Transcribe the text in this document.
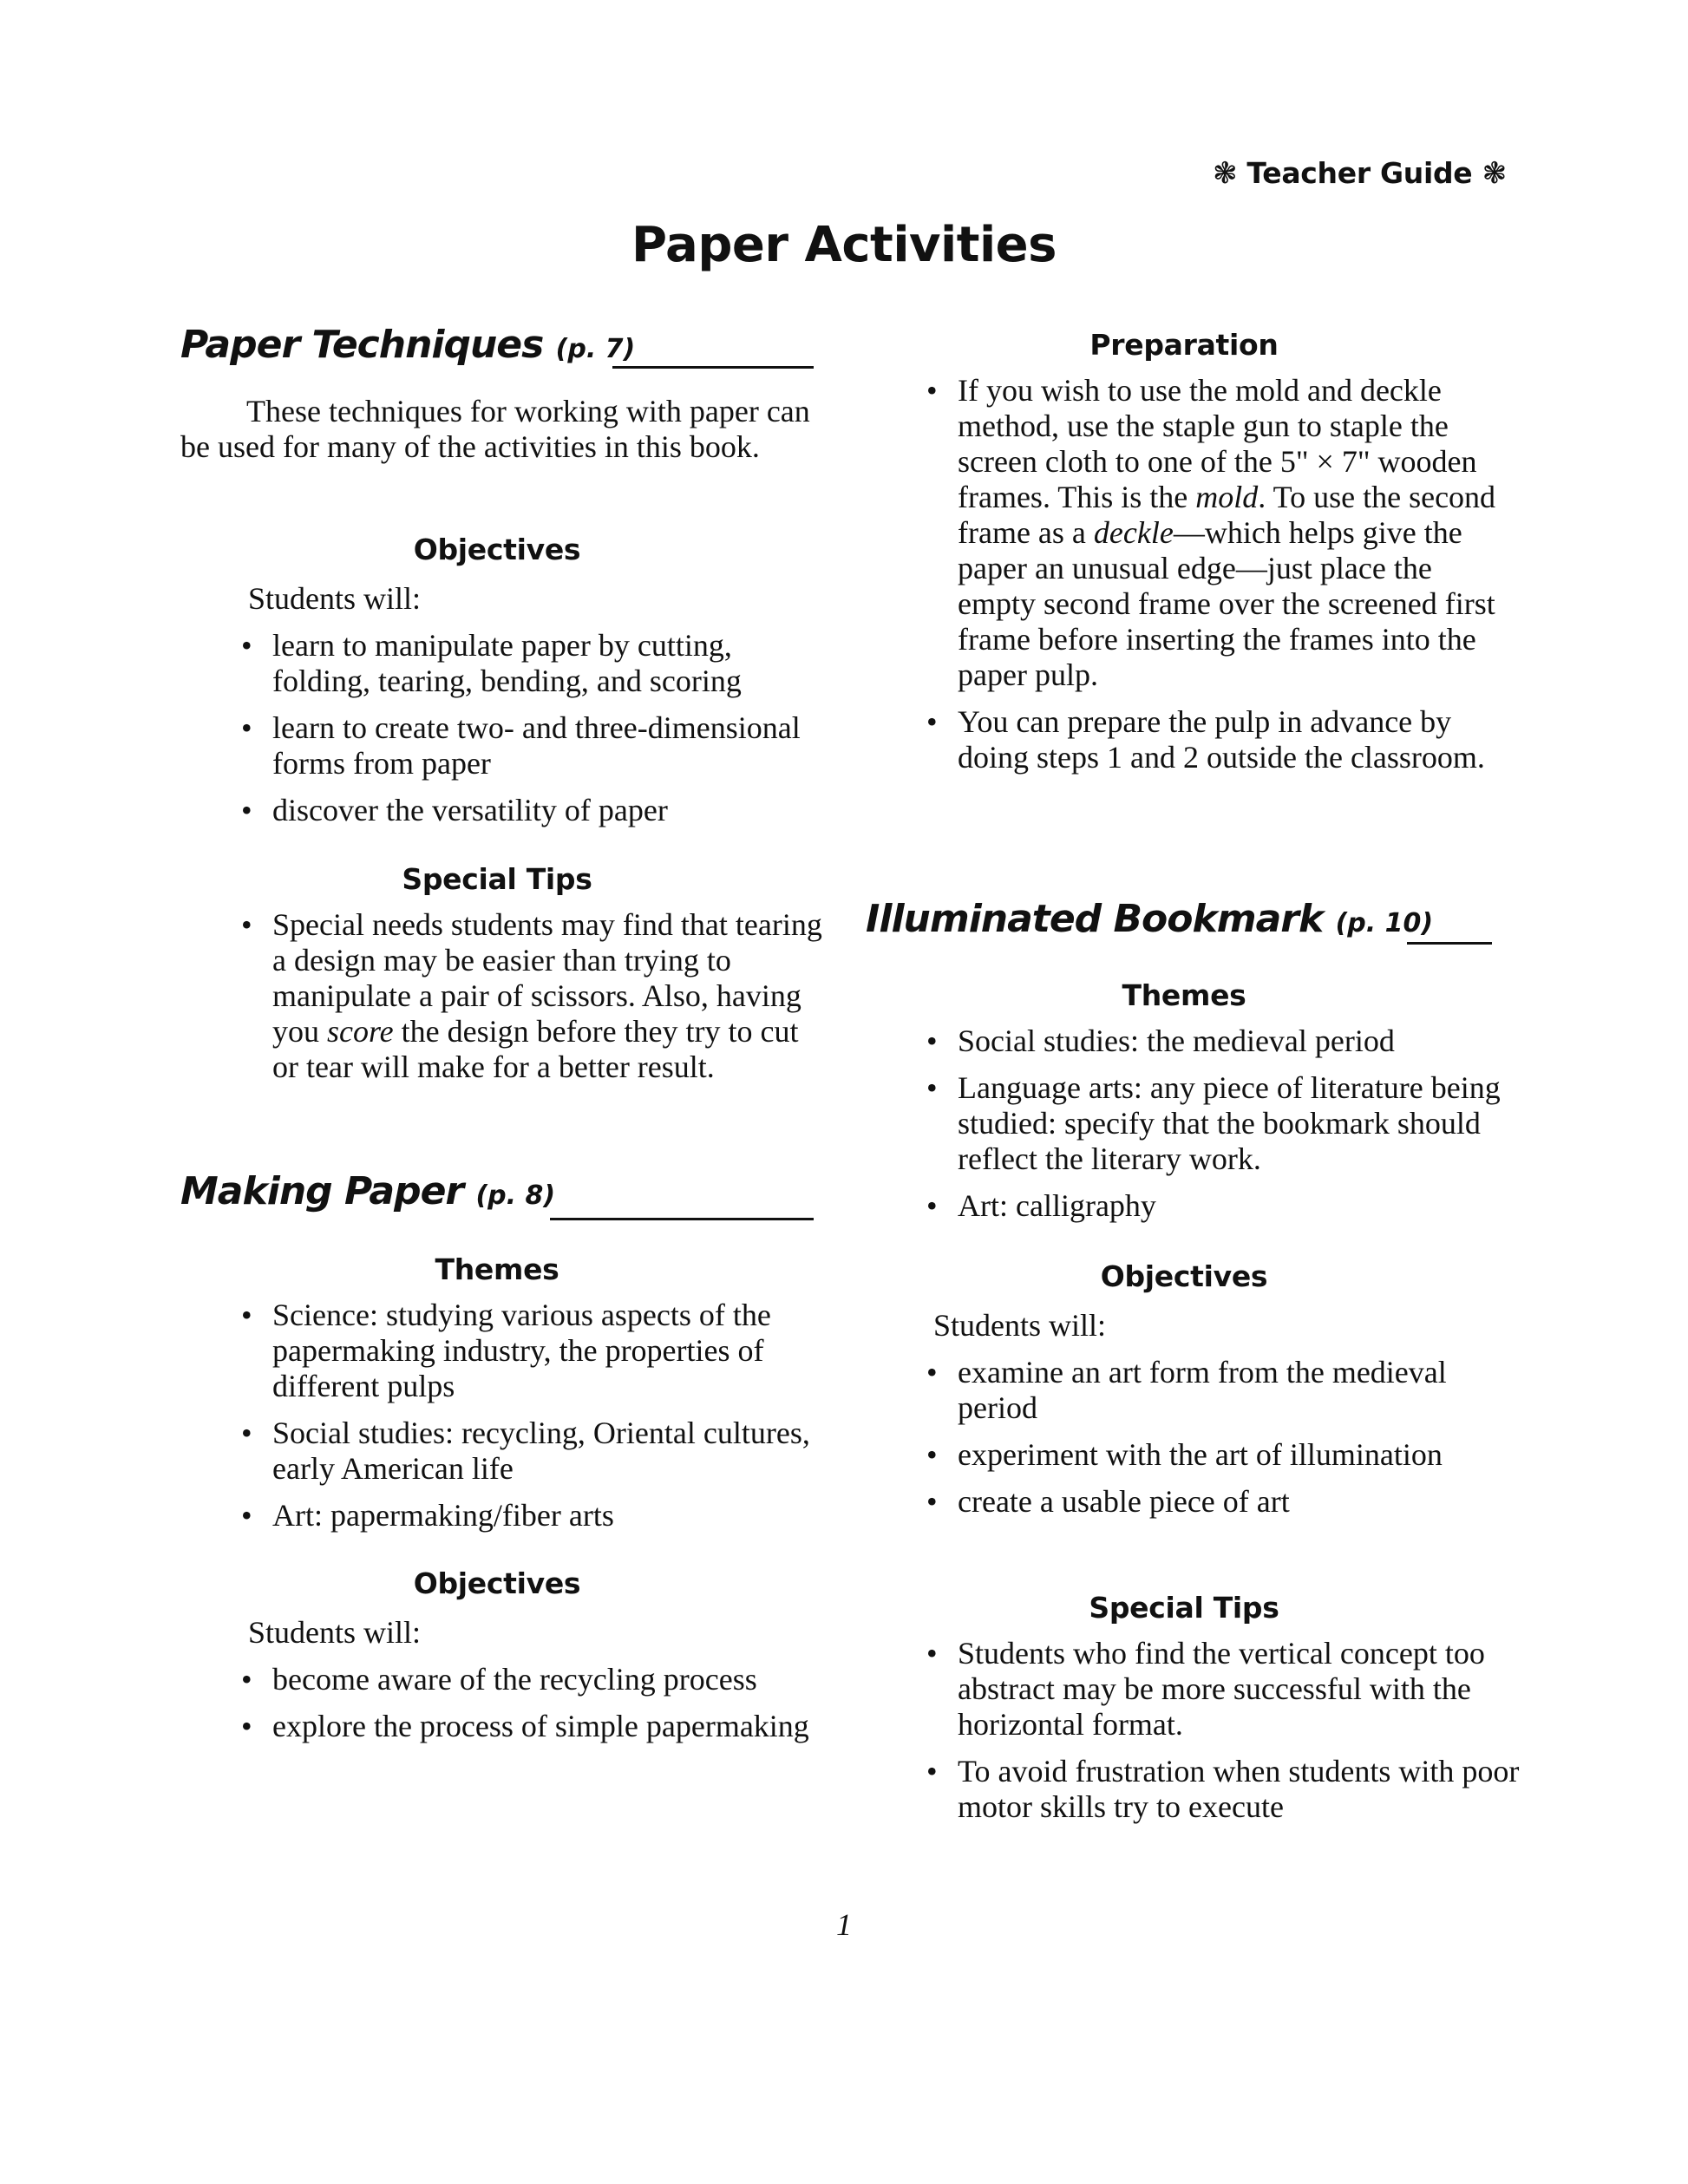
❃ Teacher Guide ❃
Paper Activities
Paper Techniques (p. 7)
These techniques for working with paper can be used for many of the activities in this book.
Objectives
Students will:
• learn to manipulate paper by cutting, folding, tearing, bending, and scoring
• learn to create two- and three-dimensional forms from paper
• discover the versatility of paper
Special Tips
• Special needs students may find that tearing a design may be easier than trying to manipulate a pair of scissors. Also, having you score the design before they try to cut or tear will make for a better result.
Making Paper (p. 8)
Themes
• Science: studying various aspects of the papermaking industry, the properties of different pulps
• Social studies: recycling, Oriental cultures, early American life
• Art: papermaking/fiber arts
Objectives
Students will:
• become aware of the recycling process
• explore the process of simple papermaking
Preparation
• If you wish to use the mold and deckle method, use the staple gun to staple the screen cloth to one of the 5" × 7" wooden frames. This is the mold. To use the second frame as a deckle—which helps give the paper an unusual edge—just place the empty second frame over the screened first frame before inserting the frames into the paper pulp.
• You can prepare the pulp in advance by doing steps 1 and 2 outside the classroom.
Illuminated Bookmark (p. 10)
Themes
• Social studies: the medieval period
• Language arts: any piece of literature being studied: specify that the bookmark should reflect the literary work.
• Art: calligraphy
Objectives
Students will:
• examine an art form from the medieval period
• experiment with the art of illumination
• create a usable piece of art
Special Tips
• Students who find the vertical concept too abstract may be more successful with the horizontal format.
• To avoid frustration when students with poor motor skills try to execute
1
